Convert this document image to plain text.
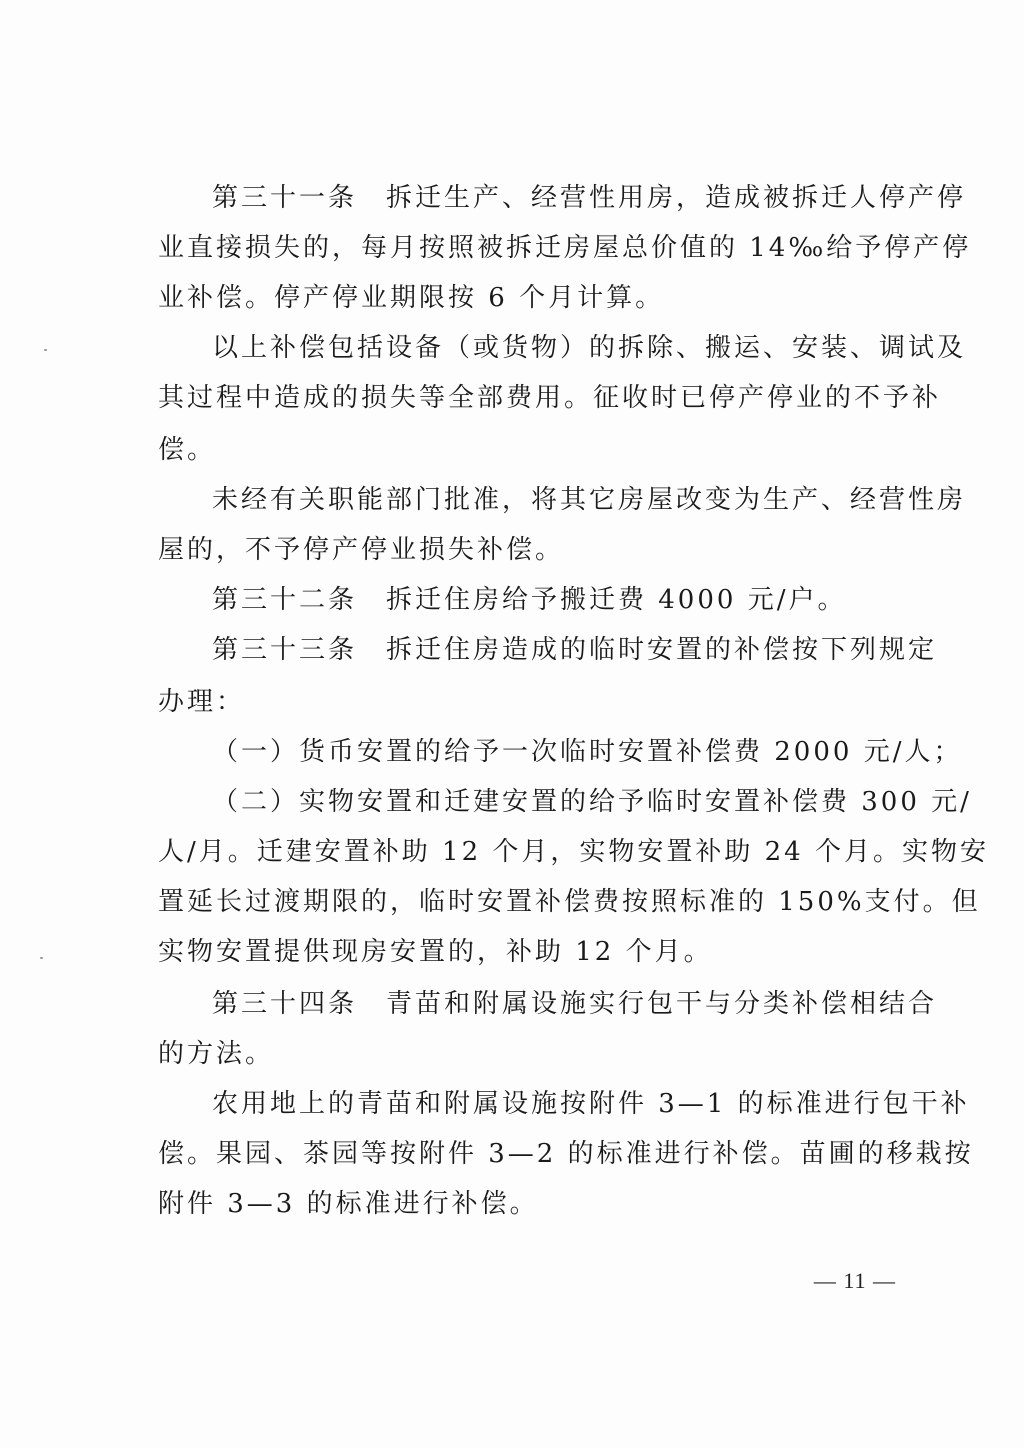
第三十一条　拆迁生产、经营性用房，造成被拆迁人停产停
业直接损失的，每月按照被拆迁房屋总价值的 14‰给予停产停
业补偿。停产停业期限按 6 个月计算。
以上补偿包括设备（或货物）的拆除、搬运、安装、调试及
其过程中造成的损失等全部费用。征收时已停产停业的不予补
偿。
未经有关职能部门批准，将其它房屋改变为生产、经营性房
屋的，不予停产停业损失补偿。
第三十二条　拆迁住房给予搬迁费 4000 元/户。
第三十三条　拆迁住房造成的临时安置的补偿按下列规定
办理：
（一）货币安置的给予一次临时安置补偿费 2000 元/人；
（二）实物安置和迁建安置的给予临时安置补偿费 300 元/
人/月。迁建安置补助 12 个月，实物安置补助 24 个月。实物安
置延长过渡期限的，临时安置补偿费按照标准的 150%支付。但
实物安置提供现房安置的，补助 12 个月。
第三十四条　青苗和附属设施实行包干与分类补偿相结合
的方法。
农用地上的青苗和附属设施按附件 3—1 的标准进行包干补
偿。果园、茶园等按附件 3—2 的标准进行补偿。苗圃的移栽按
附件 3—3 的标准进行补偿。
— 11 —
